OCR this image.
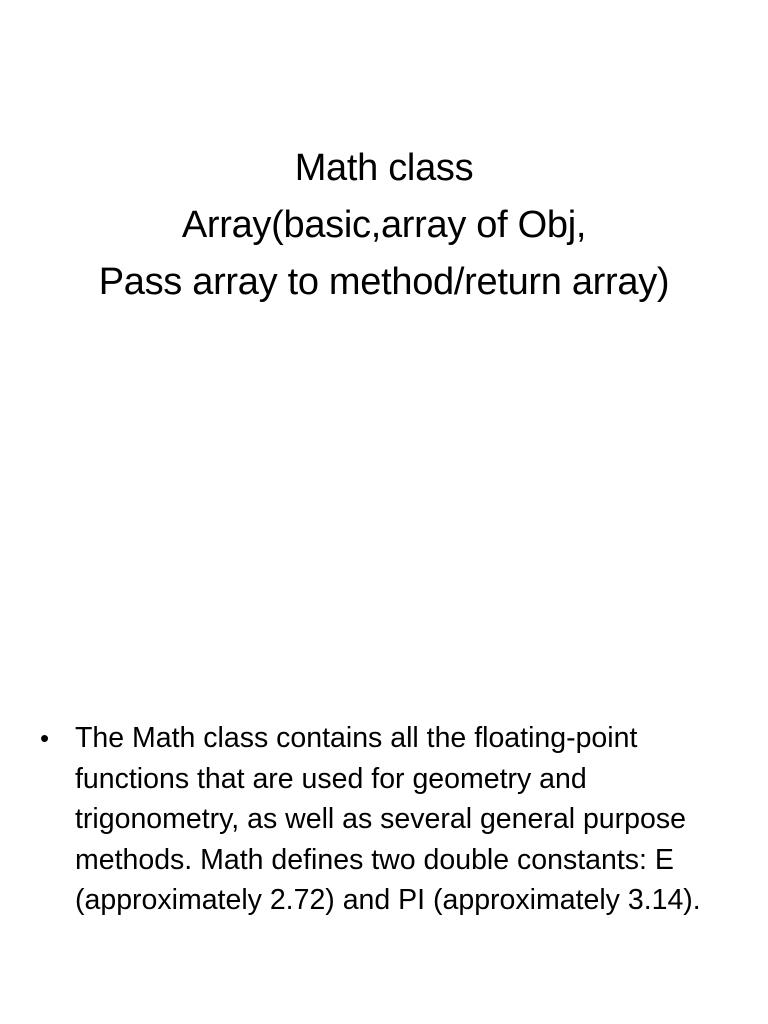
Math class
Array(basic,array of Obj,
Pass array to method/return array)
• The Math class contains all the floating-point functions that are used for geometry and trigonometry, as well as several general purpose methods. Math defines two double constants: E (approximately 2.72) and PI (approximately 3.14).
